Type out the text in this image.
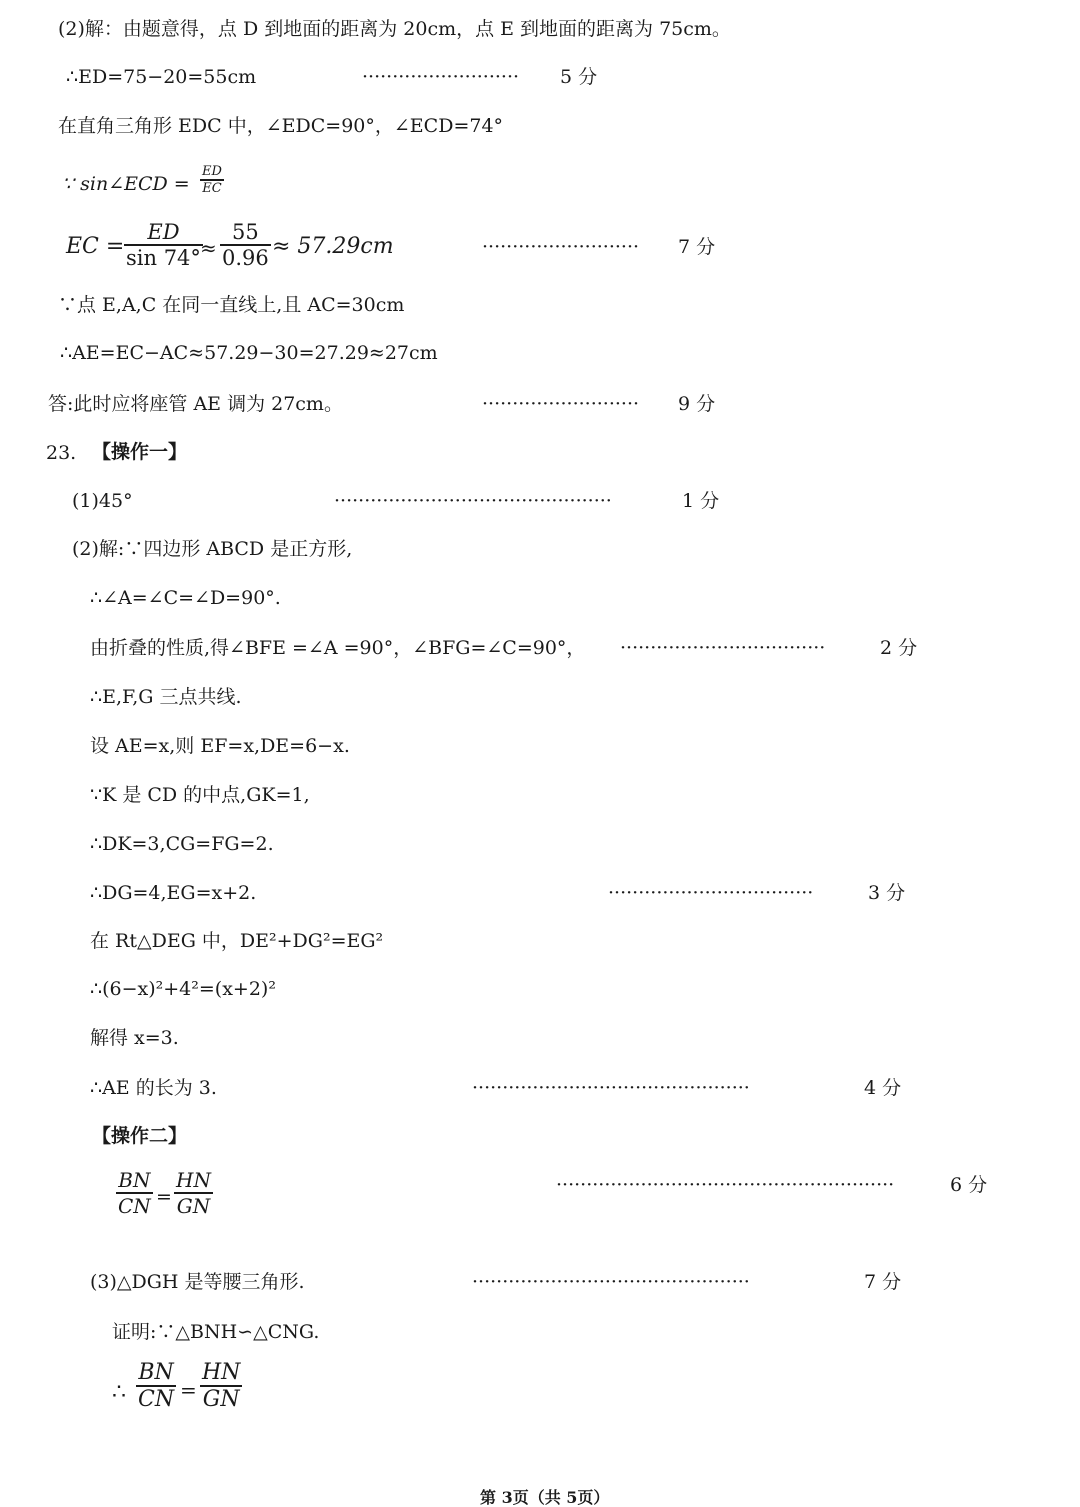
(2)解：由题意得，点 D 到地面的距离为 20cm，点 E 到地面的距离为 75cm。
∴ED=75−20=55cm	·························· 5 分
在直角三角形 EDC 中，∠EDC=90°，∠ECD=74°
∵ sin∠ECD =
ED
EC
EC =
ED
sin 74° ≈
55
0.96 ≈ 57.29cm	·························· 7 分
∵点 E,A,C 在同一直线上,且 AC=30cm
∴AE=EC−AC≈57.29−30=27.29≈27cm
答:此时应将座管 AE 调为 27cm。	·························· 9 分
23. 【操作一】
(1)45°	··············································	1 分
(2)解:∵四边形 ABCD 是正方形,
∴∠A=∠C=∠D=90°.
由折叠的性质,得∠BFE =∠A =90°，∠BFG=∠C=90°， ··································	2 分
∴E,F,G 三点共线.
设 AE=x,则 EF=x,DE=6−x.
∵K 是 CD 的中点,GK=1,
∴DK=3,CG=FG=2.
∴DG=4,EG=x+2.	··································	3 分
在 Rt△DEG 中，DE²+DG²=EG²
∴(6−x)²+4²=(x+2)²
解得 x=3.
∴AE 的长为 3.	··············································	4 分
【操作二】
BN
CN =
HN
GN
························································	6 分
(3)△DGH 是等腰三角形.	··············································	7 分
证明:∵△BNH∽△CNG.
∴
BN
CN =
HN
GN
第 3页（共 5页）
